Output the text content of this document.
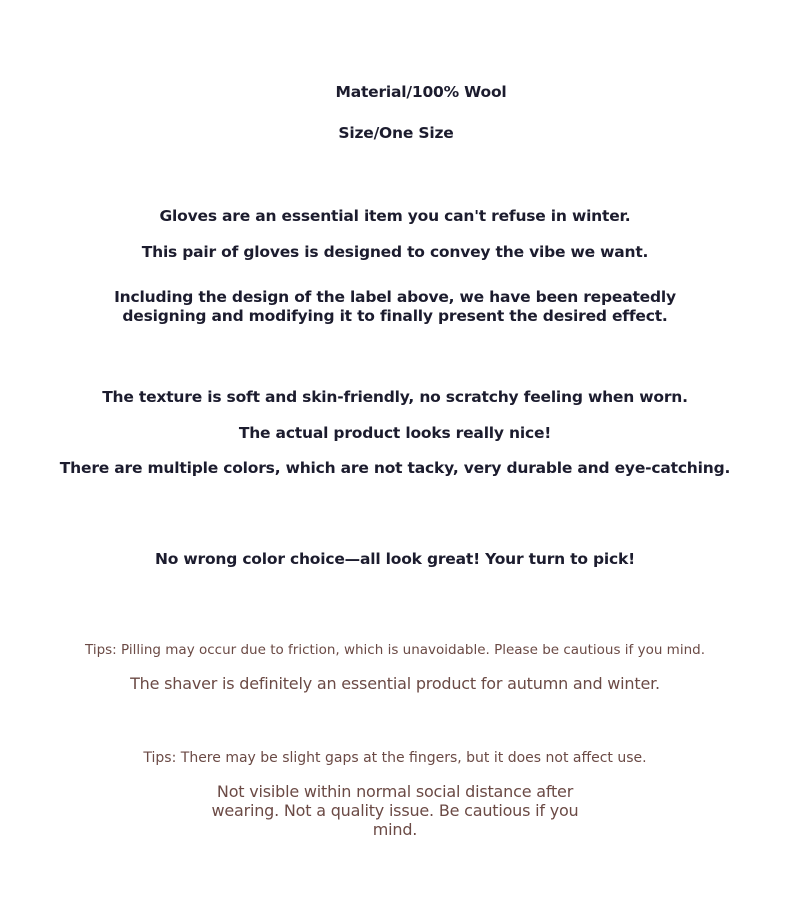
Material/100% Wool
Size/One Size
Gloves are an essential item you can't refuse in winter.
This pair of gloves is designed to convey the vibe we want.
Including the design of the label above, we have been repeatedly
designing and modifying it to finally present the desired effect.
The texture is soft and skin-friendly, no scratchy feeling when worn.
The actual product looks really nice!
There are multiple colors, which are not tacky, very durable and eye-catching.
No wrong color choice—all look great! Your turn to pick!
Tips: Pilling may occur due to friction, which is unavoidable. Please be cautious if you mind.
The shaver is definitely an essential product for autumn and winter.
Tips: There may be slight gaps at the fingers, but it does not affect use.
Not visible within normal social distance after
wearing. Not a quality issue. Be cautious if you
mind.
